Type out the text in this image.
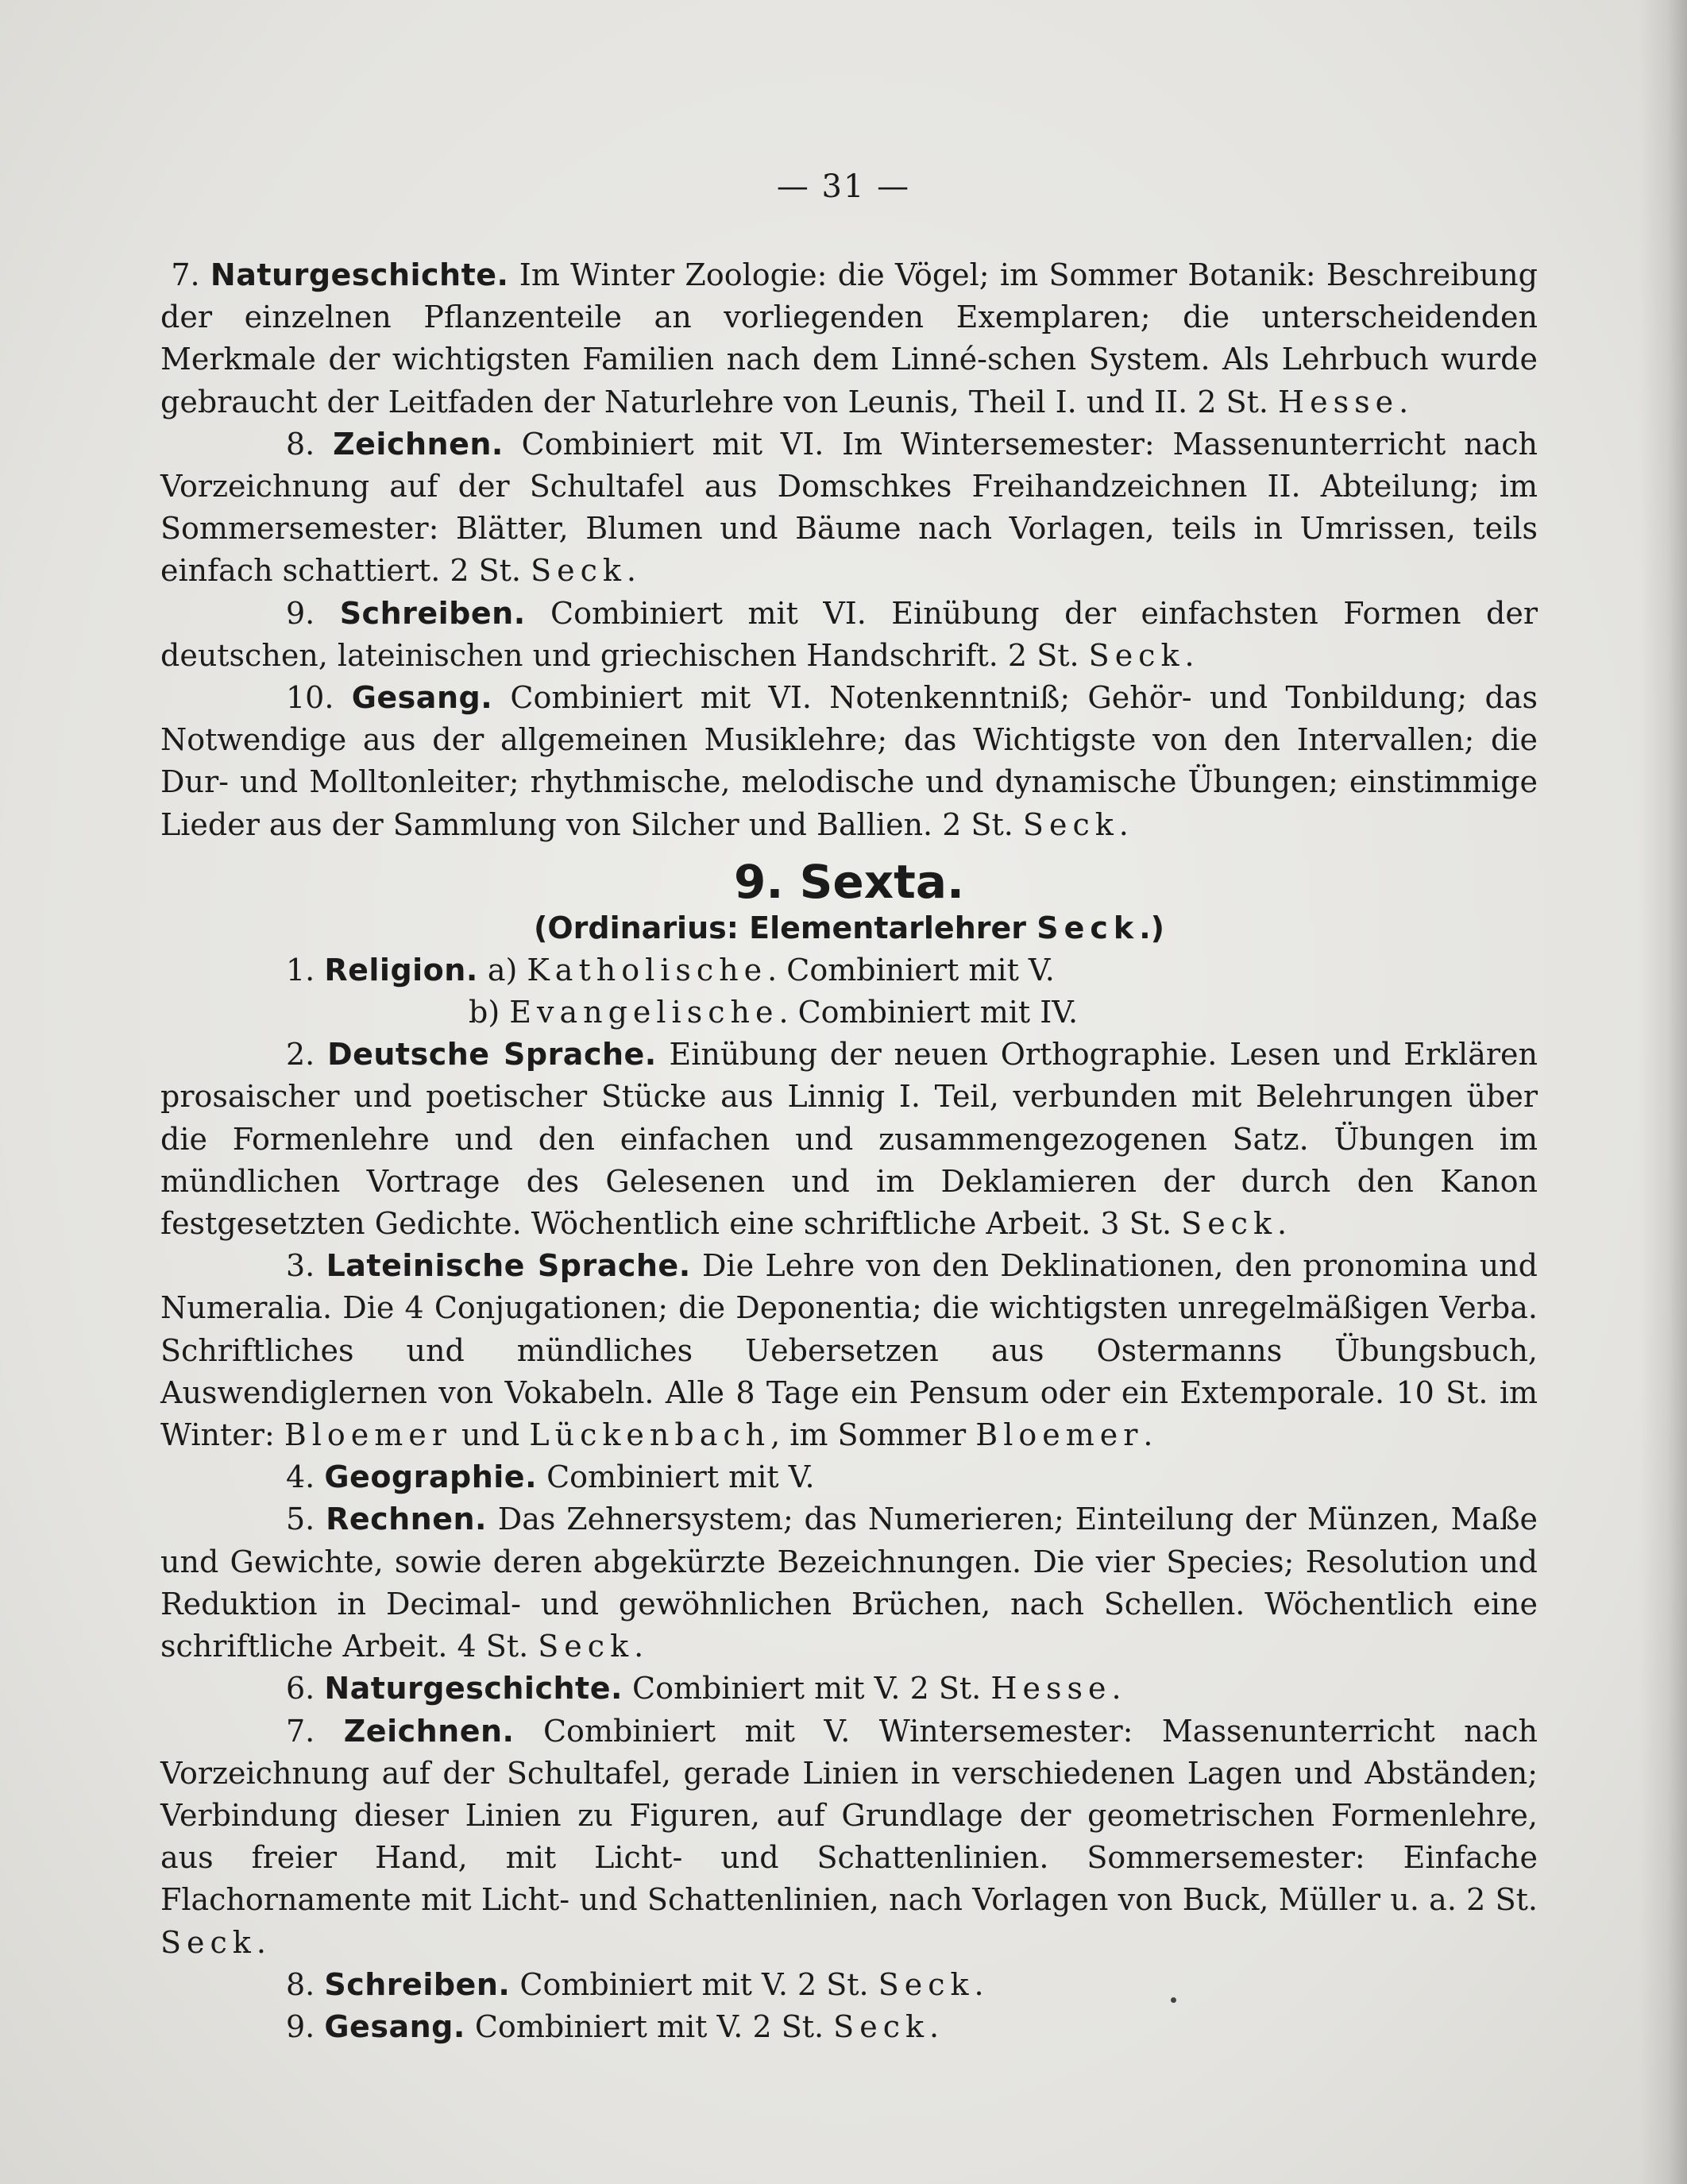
— 31 —

7. Naturgeschichte. Im Winter Zoologie: die Vögel; im Sommer Botanik: Beschreibung der einzelnen Pflanzenteile an vorliegenden Exemplaren; die unterscheidenden Merkmale der wichtigsten Familien nach dem Linné-schen System. Als Lehrbuch wurde gebraucht der Leitfaden der Naturlehre von Leunis, Theil I. und II. 2 St. Hesse.

8. Zeichnen. Combiniert mit VI. Im Wintersemester: Massenunterricht nach Vorzeichnung auf der Schultafel aus Domschkes Freihandzeichnen II. Abteilung; im Sommersemester: Blätter, Blumen und Bäume nach Vorlagen, teils in Umrissen, teils einfach schattiert. 2 St. Seck.

9. Schreiben. Combiniert mit VI. Einübung der einfachsten Formen der deutschen, lateinischen und griechischen Handschrift. 2 St. Seck.

10. Gesang. Combiniert mit VI. Notenkenntniß; Gehör- und Tonbildung; das Notwendige aus der allgemeinen Musiklehre; das Wichtigste von den Intervallen; die Dur- und Molltonleiter; rhythmische, melodische und dynamische Übungen; einstimmige Lieder aus der Sammlung von Silcher und Ballien. 2 St. Seck.

9. Sexta.

(Ordinarius: Elementarlehrer Seck.)

1. Religion. a) Katholische. Combiniert mit V.

b) Evangelische. Combiniert mit IV.

2. Deutsche Sprache. Einübung der neuen Orthographie. Lesen und Erklären prosaischer und poetischer Stücke aus Linnig I. Teil, verbunden mit Belehrungen über die Formenlehre und den einfachen und zusammengezogenen Satz. Übungen im mündlichen Vortrage des Gelesenen und im Deklamieren der durch den Kanon festgesetzten Gedichte. Wöchentlich eine schriftliche Arbeit. 3 St. Seck.

3. Lateinische Sprache. Die Lehre von den Deklinationen, den pronomina und Numeralia. Die 4 Conjugationen; die Deponentia; die wichtigsten unregelmäßigen Verba. Schriftliches und mündliches Uebersetzen aus Ostermanns Übungsbuch, Auswendiglernen von Vokabeln. Alle 8 Tage ein Pensum oder ein Extemporale. 10 St. im Winter: Bloemer und Lückenbach, im Sommer Bloemer.

4. Geographie. Combiniert mit V.

5. Rechnen. Das Zehnersystem; das Numerieren; Einteilung der Münzen, Maße und Gewichte, sowie deren abgekürzte Bezeichnungen. Die vier Species; Resolution und Reduktion in Decimal- und gewöhnlichen Brüchen, nach Schellen. Wöchentlich eine schriftliche Arbeit. 4 St. Seck.

6. Naturgeschichte. Combiniert mit V. 2 St. Hesse.

7. Zeichnen. Combiniert mit V. Wintersemester: Massenunterricht nach Vorzeichnung auf der Schultafel, gerade Linien in verschiedenen Lagen und Abständen; Verbindung dieser Linien zu Figuren, auf Grundlage der geometrischen Formenlehre, aus freier Hand, mit Licht- und Schattenlinien. Sommersemester: Einfache Flachornamente mit Licht- und Schattenlinien, nach Vorlagen von Buck, Müller u. a. 2 St. Seck.

8. Schreiben. Combiniert mit V. 2 St. Seck.

9. Gesang. Combiniert mit V. 2 St. Seck.
